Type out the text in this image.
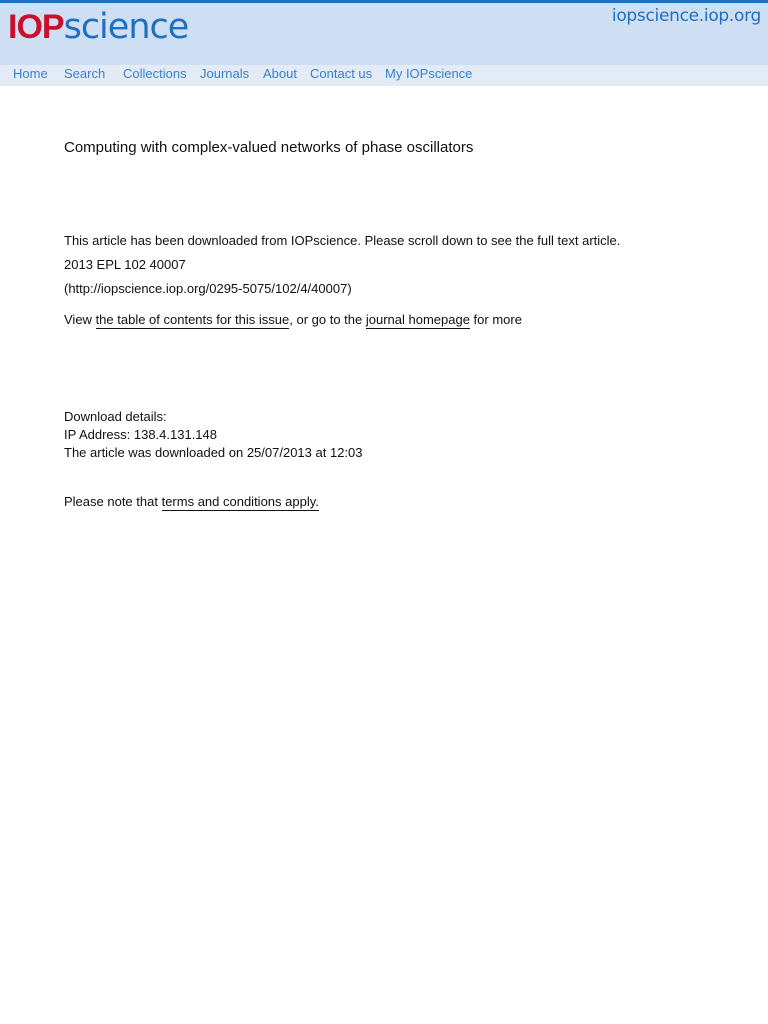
IOPscience	iopscience.iop.org
Home Search Collections Journals About Contact us My IOPscience
Computing with complex-valued networks of phase oscillators
This article has been downloaded from IOPscience. Please scroll down to see the full text article.
2013 EPL 102 40007
(http://iopscience.iop.org/0295-5075/102/4/40007)
View the table of contents for this issue, or go to the journal homepage for more
Download details:
IP Address: 138.4.131.148
The article was downloaded on 25/07/2013 at 12:03
Please note that terms and conditions apply.
